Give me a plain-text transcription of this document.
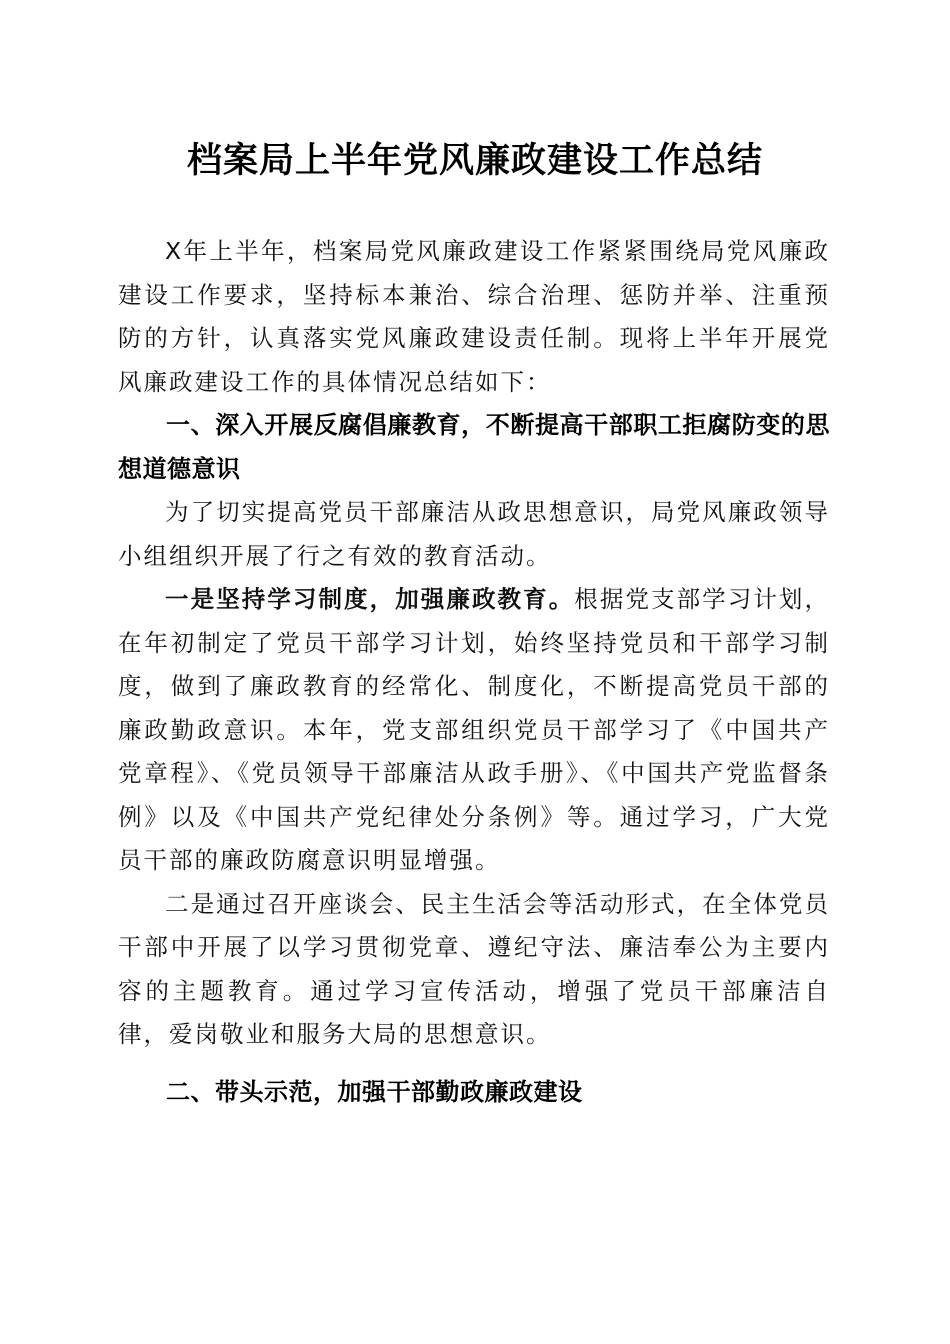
档案局上半年党风廉政建设工作总结

X年上半年，档案局党风廉政建设工作紧紧围绕局党风廉政建设工作要求，坚持标本兼治、综合治理、惩防并举、注重预防的方针，认真落实党风廉政建设责任制。现将上半年开展党风廉政建设工作的具体情况总结如下：

一、深入开展反腐倡廉教育，不断提高干部职工拒腐防变的思想道德意识

为了切实提高党员干部廉洁从政思想意识，局党风廉政领导小组组织开展了行之有效的教育活动。

一是坚持学习制度，加强廉政教育。根据党支部学习计划，在年初制定了党员干部学习计划，始终坚持党员和干部学习制度，做到了廉政教育的经常化、制度化，不断提高党员干部的廉政勤政意识。本年，党支部组织党员干部学习了《中国共产党章程》、《党员领导干部廉洁从政手册》、《中国共产党监督条例》以及《中国共产党纪律处分条例》等。通过学习，广大党员干部的廉政防腐意识明显增强。

二是通过召开座谈会、民主生活会等活动形式，在全体党员干部中开展了以学习贯彻党章、遵纪守法、廉洁奉公为主要内容的主题教育。通过学习宣传活动，增强了党员干部廉洁自律，爱岗敬业和服务大局的思想意识。

二、带头示范，加强干部勤政廉政建设
